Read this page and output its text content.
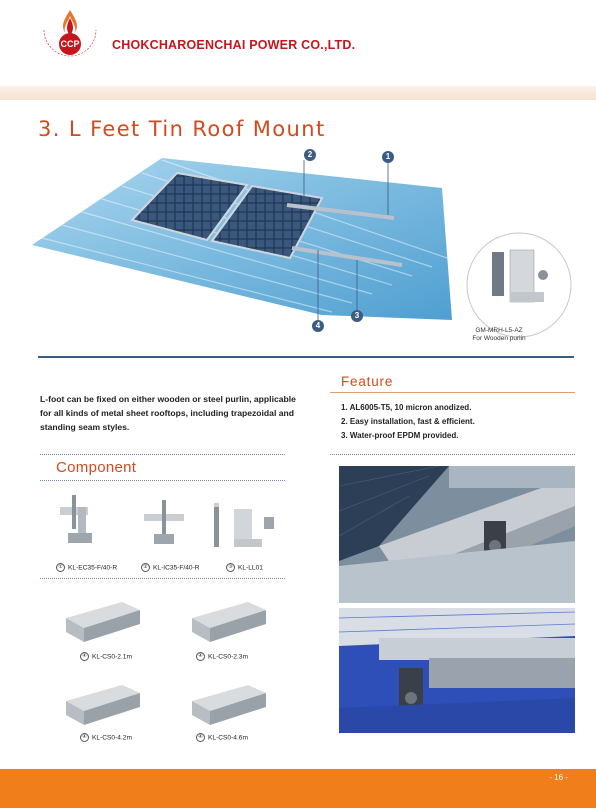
CCP	CHOKCHAROENCHAI POWER CO.,LTD.
3. L Feet Tin Roof Mount
2	1
4
3
GM-MRH-L5-AZ
For Wooden purlin
L-foot can be fixed on either wooden or steel purlin, applicable for all kinds of metal sheet rooftops, including trapezoidal and standing seam styles.
Feature
1. AL6005-T5, 10 micron anodized.
2. Easy installation, fast & efficient.
3. Water-proof EPDM provided.
Component
① KL-EC35-F/40-R	② KL-IC35-F/40-R	③ KL-LL01
④ KL-CS0-2.1m	④ KL-CS0-2.3m
④ KL-CS0-4.2m	④ KL-CS0-4.6m
- 16 -
